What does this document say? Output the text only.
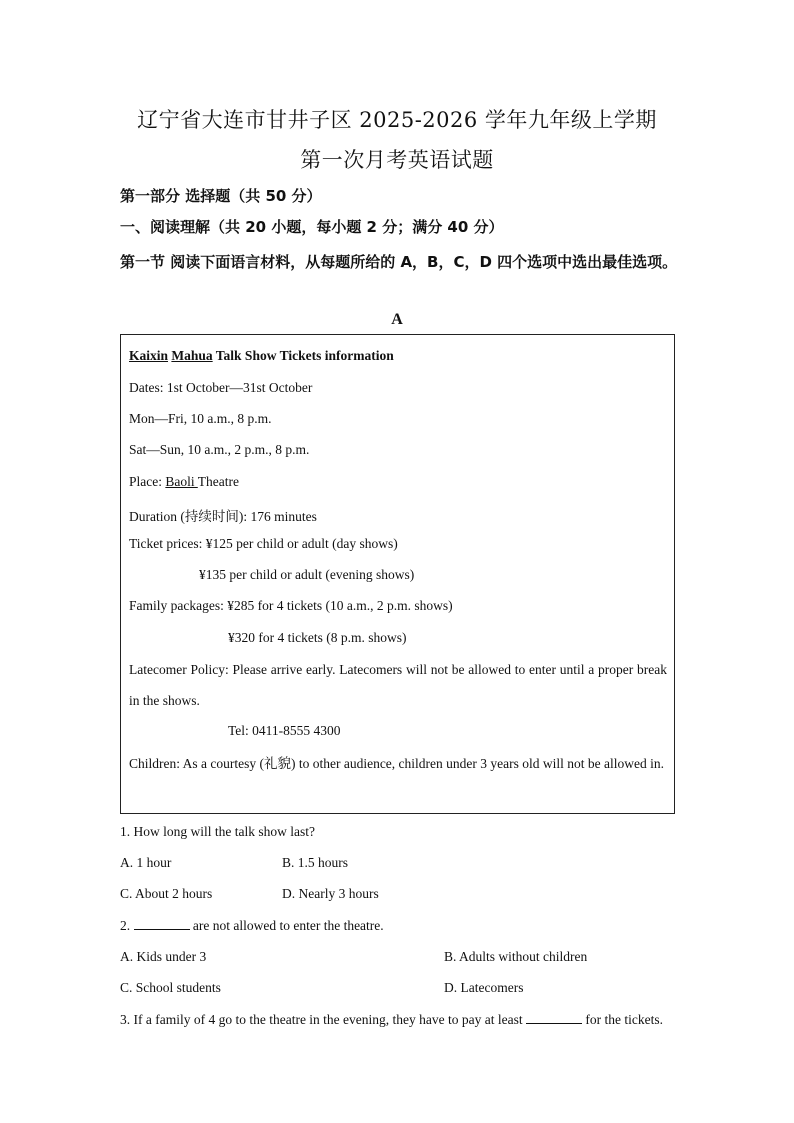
辽宁省大连市甘井子区 2025-2026 学年九年级上学期
第一次月考英语试题
第一部分 选择题（共 50 分）
一、阅读理解（共 20 小题，每小题 2 分；满分 40 分）
第一节 阅读下面语言材料，从每题所给的 A，B，C，D 四个选项中选出最佳选项。
A
Kaixin Mahua Talk Show Tickets information
Dates: 1st October—31st October
Mon—Fri, 10 a.m., 8 p.m.
Sat—Sun, 10 a.m., 2 p.m., 8 p.m.
Place: Baoli Theatre
Duration (持续时间): 176 minutes
Ticket prices: ¥125 per child or adult (day shows)
¥135 per child or adult (evening shows)
Family packages: ¥285 for 4 tickets (10 a.m., 2 p.m. shows)
¥320 for 4 tickets (8 p.m. shows)
Latecomer Policy: Please arrive early. Latecomers will not be allowed to enter until a proper break in the shows.
Tel: 0411-8555 4300
Children: As a courtesy (礼貌) to other audience, children under 3 years old will not be allowed in.
1. How long will the talk show last?
A. 1 hour	B. 1.5 hours
C. About 2 hours	D. Nearly 3 hours
2.	are not allowed to enter the theatre.
A. Kids under 3	B. Adults without children
C. School students	D. Latecomers
3. If a family of 4 go to the theatre in the evening, they have to pay at least	for the tickets.
